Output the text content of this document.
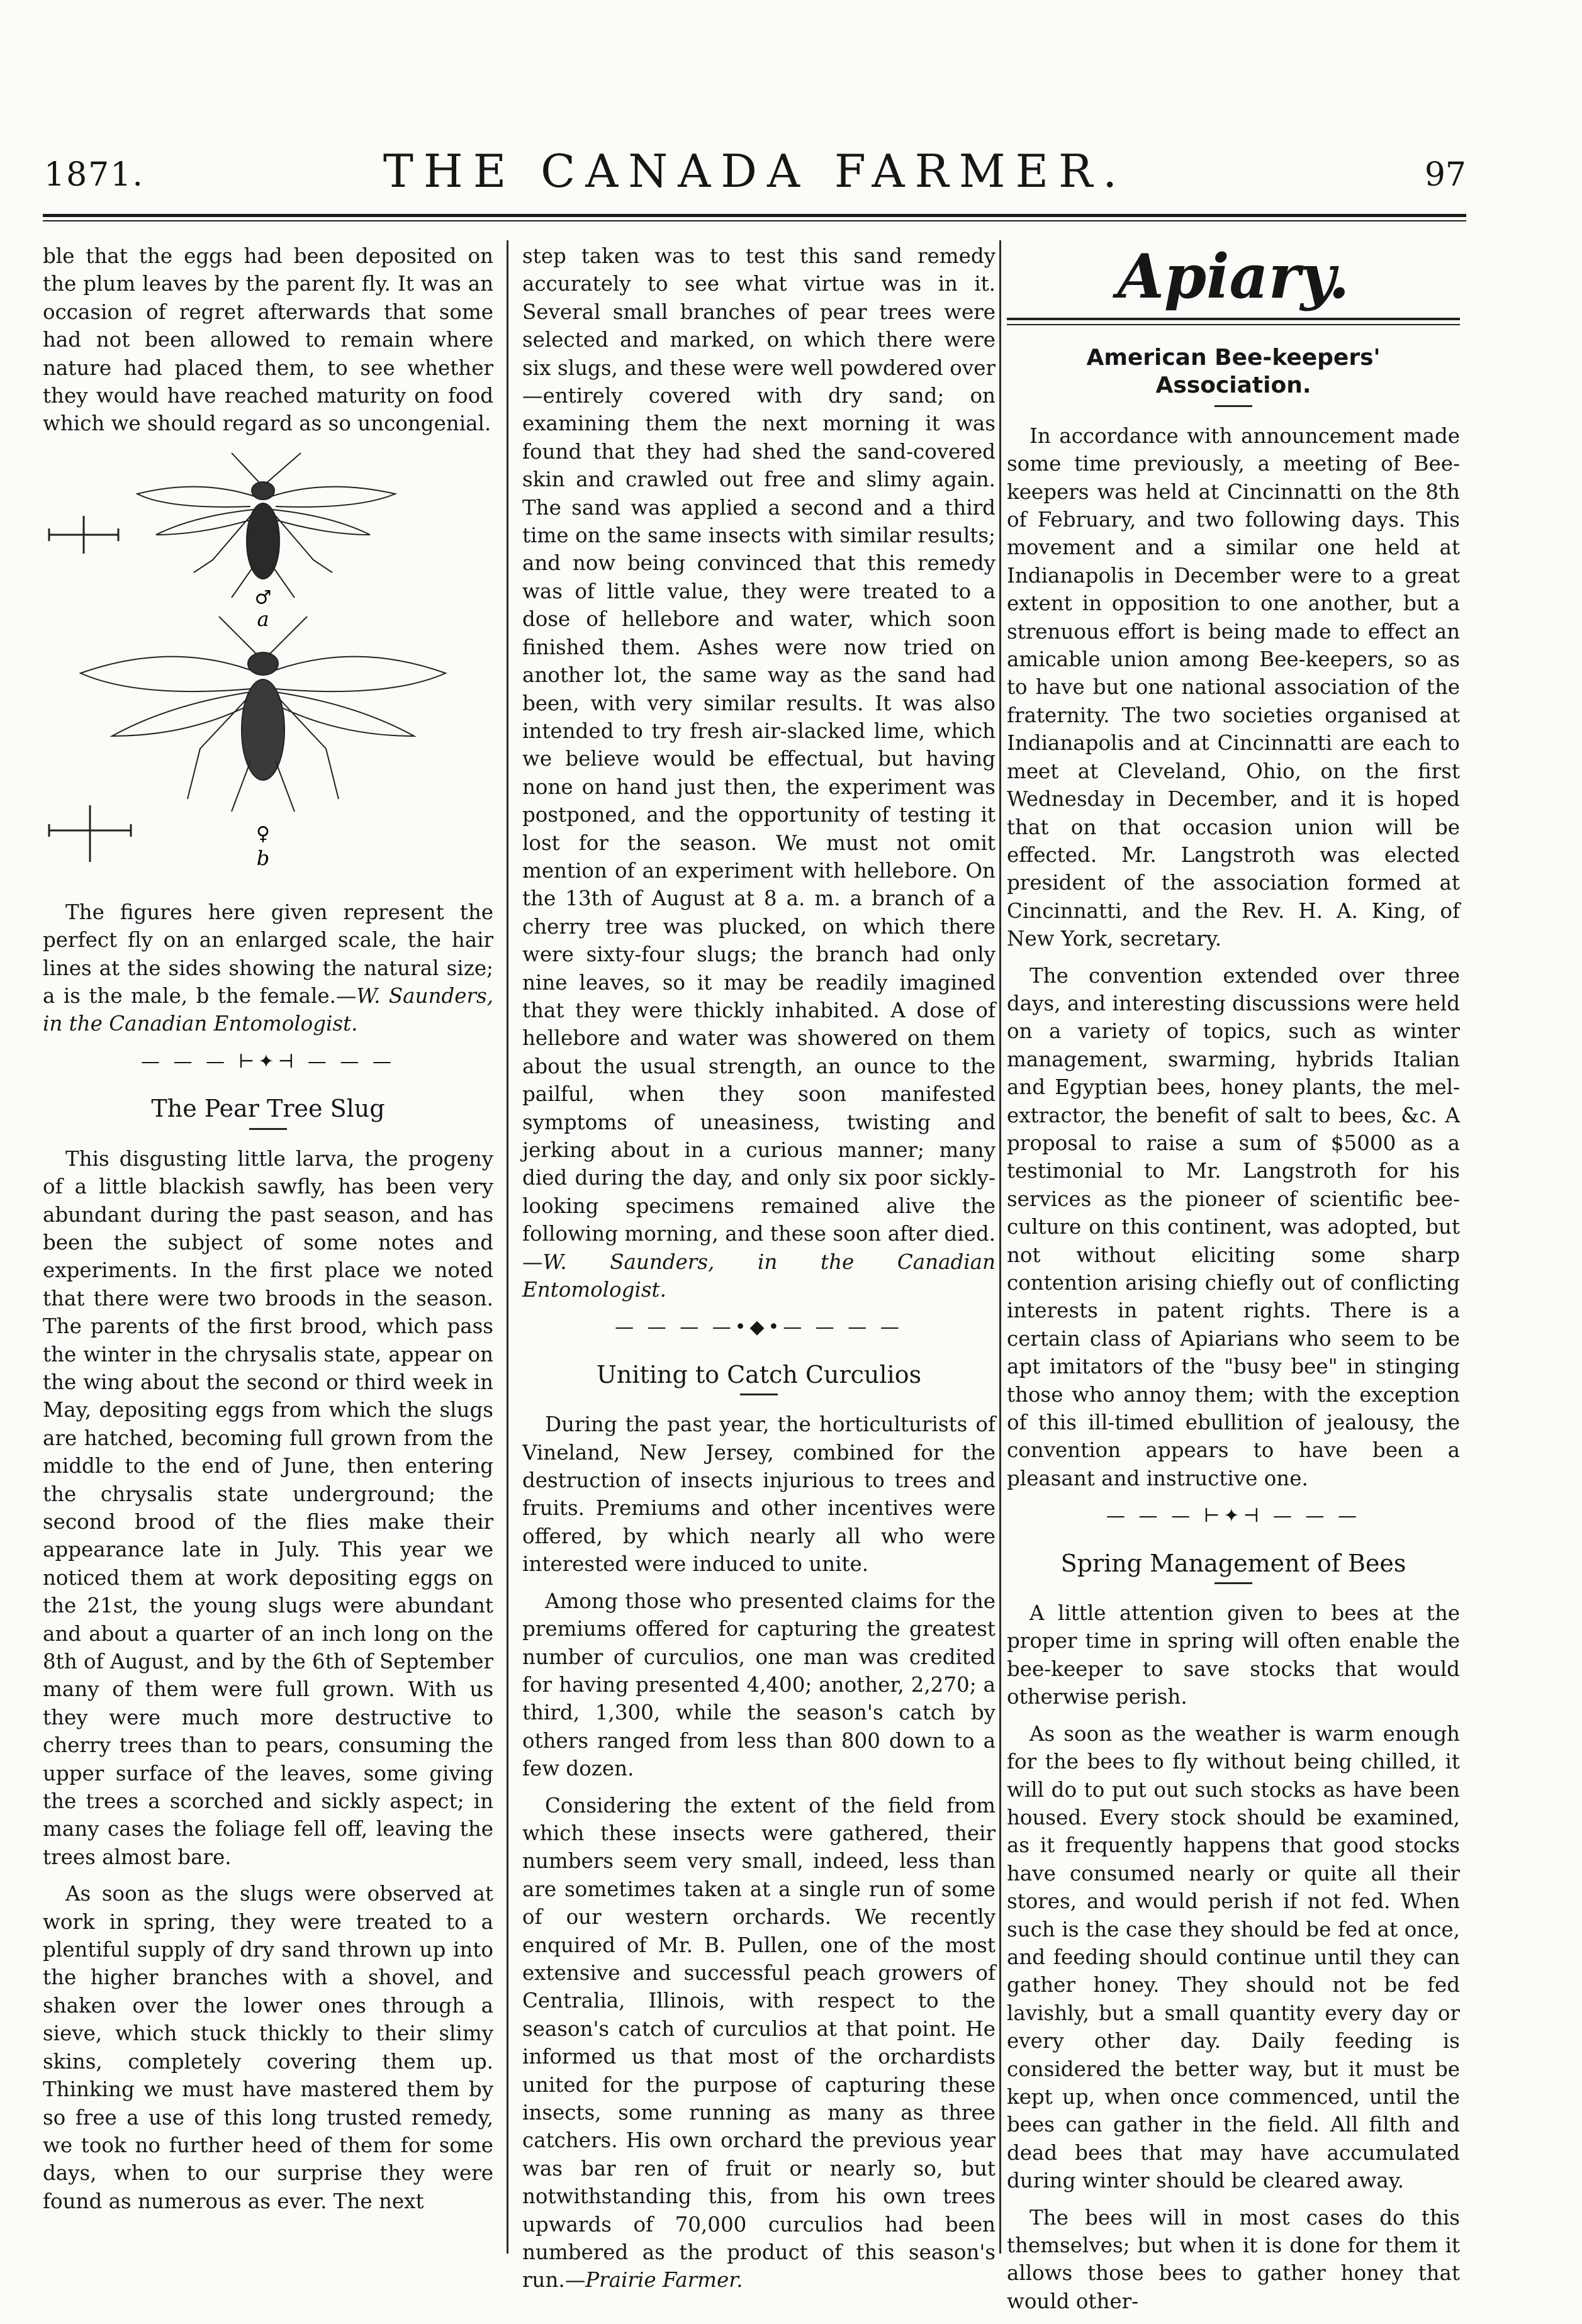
1871.	THE CANADA FARMER.	97

ble that the eggs had been deposited on the plum leaves by the parent fly. It was an occasion of regret afterwards that some had not been allowed to remain where nature had placed them, to see whether they would have reached maturity on food which we should regard as so uncongenial.

♂
a
♀
b

The figures here given represent the perfect fly on an enlarged scale, the hair lines at the sides showing the natural size; a is the male, b the female.—W. Saunders, in the Canadian Entomologist.

— — — ⊢✦⊣ — — —
The Pear Tree Slug

This disgusting little larva, the progeny of a little blackish sawfly, has been very abundant during the past season, and has been the subject of some notes and experiments. In the first place we noted that there were two broods in the season. The parents of the first brood, which pass the winter in the chrysalis state, appear on the wing about the second or third week in May, depositing eggs from which the slugs are hatched, becoming full grown from the middle to the end of June, then entering the chrysalis state underground; the second brood of the flies make their appearance late in July. This year we noticed them at work depositing eggs on the 21st, the young slugs were abundant and about a quarter of an inch long on the 8th of August, and by the 6th of September many of them were full grown. With us they were much more destructive to cherry trees than to pears, consuming the upper surface of the leaves, some giving the trees a scorched and sickly aspect; in many cases the foliage fell off, leaving the trees almost bare.

As soon as the slugs were observed at work in spring, they were treated to a plentiful supply of dry sand thrown up into the higher branches with a shovel, and shaken over the lower ones through a sieve, which stuck thickly to their slimy skins, completely covering them up. Thinking we must have mastered them by so free a use of this long trusted remedy, we took no further heed of them for some days, when to our surprise they were found as numerous as ever. The next

step taken was to test this sand remedy accurately to see what virtue was in it. Several small branches of pear trees were selected and marked, on which there were six slugs, and these were well powdered over—entirely covered with dry sand; on examining them the next morning it was found that they had shed the sand-covered skin and crawled out free and slimy again. The sand was applied a second and a third time on the same insects with similar results; and now being convinced that this remedy was of little value, they were treated to a dose of hellebore and water, which soon finished them. Ashes were now tried on another lot, the same way as the sand had been, with very similar results. It was also intended to try fresh air-slacked lime, which we believe would be effectual, but having none on hand just then, the experiment was postponed, and the opportunity of testing it lost for the season. We must not omit mention of an experiment with hellebore. On the 13th of August at 8 a. m. a branch of a cherry tree was plucked, on which there were sixty-four slugs; the branch had only nine leaves, so it may be readily imagined that they were thickly inhabited. A dose of hellebore and water was showered on them about the usual strength, an ounce to the pailful, when they soon manifested symptoms of uneasiness, twisting and jerking about in a curious manner; many died during the day, and only six poor sickly-looking specimens remained alive the following morning, and these soon after died.—W. Saunders, in the Canadian Entomologist.

— — — —•◆•— — — —
Uniting to Catch Curculios

During the past year, the horticulturists of Vineland, New Jersey, combined for the destruction of insects injurious to trees and fruits. Premiums and other incentives were offered, by which nearly all who were interested were induced to unite.

Among those who presented claims for the premiums offered for capturing the greatest number of curculios, one man was credited for having presented 4,400; another, 2,270; a third, 1,300, while the season's catch by others ranged from less than 800 down to a few dozen.

Considering the extent of the field from which these insects were gathered, their numbers seem very small, indeed, less than are sometimes taken at a single run of some of our western orchards. We recently enquired of Mr. B. Pullen, one of the most extensive and successful peach growers of Centralia, Illinois, with respect to the season's catch of curculios at that point. He informed us that most of the orchardists united for the purpose of capturing these insects, some running as many as three catchers. His own orchard the previous year was bar ren of fruit or nearly so, but notwithstanding this, from his own trees upwards of 70,000 curculios had been numbered as the product of this season's run.—Prairie Farmer.

Apiary.
American Bee-keepers' Association.

In accordance with announcement made some time previously, a meeting of Bee-keepers was held at Cincinnatti on the 8th of February, and two following days. This movement and a similar one held at Indianapolis in December were to a great extent in opposition to one another, but a strenuous effort is being made to effect an amicable union among Bee-keepers, so as to have but one national association of the fraternity. The two societies organised at Indianapolis and at Cincinnatti are each to meet at Cleveland, Ohio, on the first Wednesday in December, and it is hoped that on that occasion union will be effected. Mr. Langstroth was elected president of the association formed at Cincinnatti, and the Rev. H. A. King, of New York, secretary.

The convention extended over three days, and interesting discussions were held on a variety of topics, such as winter management, swarming, hybrids Italian and Egyptian bees, honey plants, the mel-extractor, the benefit of salt to bees, &c. A proposal to raise a sum of $5000 as a testimonial to Mr. Langstroth for his services as the pioneer of scientific bee-culture on this continent, was adopted, but not without eliciting some sharp contention arising chiefly out of conflicting interests in patent rights. There is a certain class of Apiarians who seem to be apt imitators of the "busy bee" in stinging those who annoy them; with the exception of this ill-timed ebullition of jealousy, the convention appears to have been a pleasant and instructive one.

— — — ⊢✦⊣ — — —
Spring Management of Bees

A little attention given to bees at the proper time in spring will often enable the bee-keeper to save stocks that would otherwise perish.

As soon as the weather is warm enough for the bees to fly without being chilled, it will do to put out such stocks as have been housed. Every stock should be examined, as it frequently happens that good stocks have consumed nearly or quite all their stores, and would perish if not fed. When such is the case they should be fed at once, and feeding should continue until they can gather honey. They should not be fed lavishly, but a small quantity every day or every other day. Daily feeding is considered the better way, but it must be kept up, when once commenced, until the bees can gather in the field. All filth and dead bees that may have accumulated during winter should be cleared away.

The bees will in most cases do this themselves; but when it is done for them it allows those bees to gather honey that would other-
